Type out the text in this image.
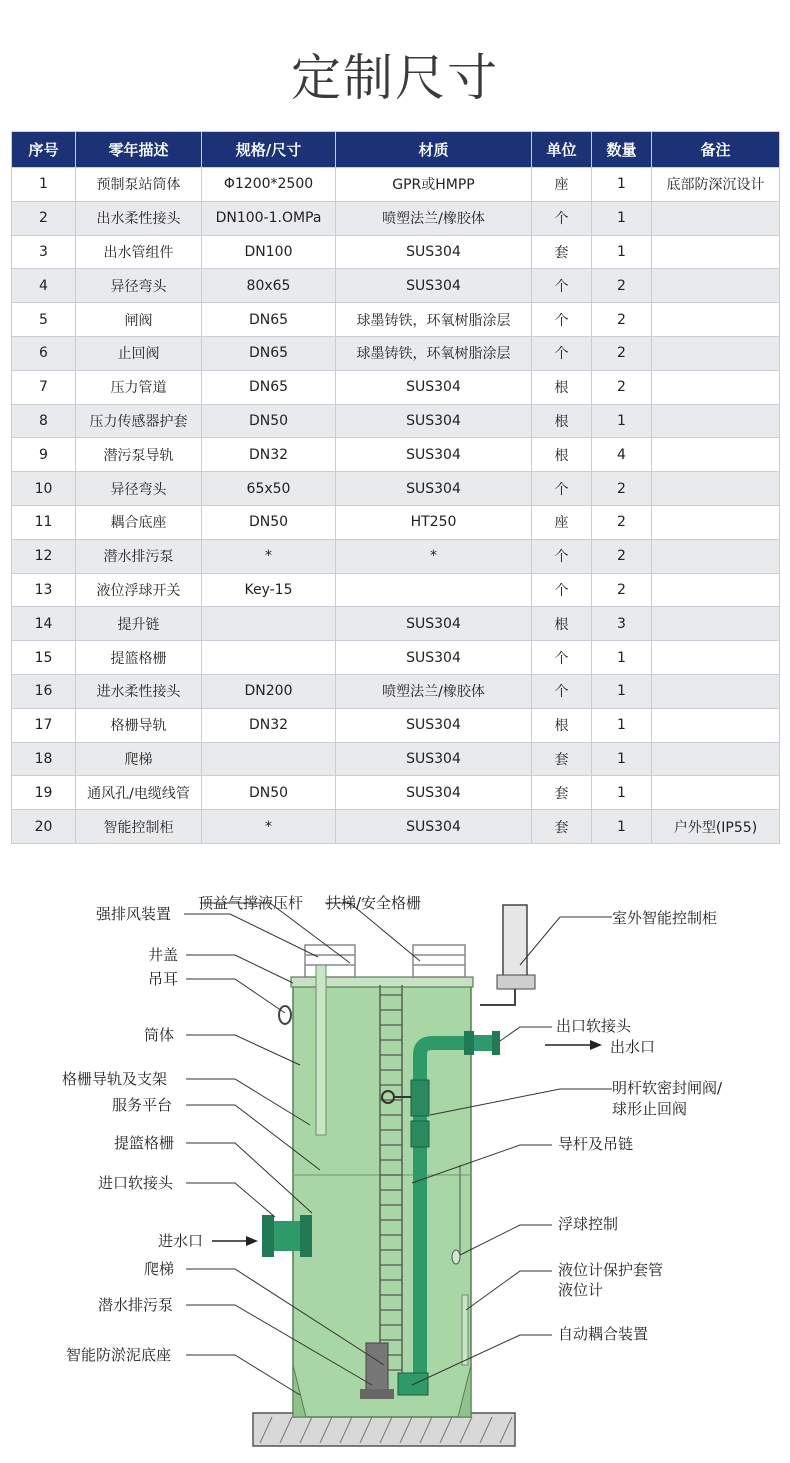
定制尺寸
序号	零年描述	规格/尺寸	材质	单位	数量	备注
1	预制泵站筒体	Φ1200*2500	GPR或HMPP	座	1	底部防深沉设计
2	出水柔性接头	DN100-1.OMPa	喷塑法兰/橡胶体	个	1	
3	出水管组件	DN100	SUS304	套	1	
4	异径弯头	80x65	SUS304	个	2	
5	闸阀	DN65	球墨铸铁，环氧树脂涂层	个	2	
6	止回阀	DN65	球墨铸铁，环氧树脂涂层	个	2	
7	压力管道	DN65	SUS304	根	2	
8	压力传感器护套	DN50	SUS304	根	1	
9	潜污泵导轨	DN32	SUS304	根	4	
10	异径弯头	65x50	SUS304	个	2	
11	耦合底座	DN50	HT250	座	2	
12	潜水排污泵	*	*	个	2	
13	液位浮球开关	Key-15		个	2	
14	提升链		SUS304	根	3	
15	提篮格栅		SUS304	个	1	
16	进水柔性接头	DN200	喷塑法兰/橡胶体	个	1	
17	格栅导轨	DN32	SUS304	根	1	
18	爬梯		SUS304	套	1	
19	通风孔/电缆线管	DN50	SUS304	套	1	
20	智能控制柜	*	SUS304	套	1	户外型(IP55)
强排风装置
顶益气撑液压杆 扶梯/安全格栅
室外智能控制柜
井盖
吊耳
筒体	出口软接头
出水口
格栅导轨及支架
服务平台
明杆软密封闸阀/
球形止回阀
提篮格栅	导杆及吊链
进口软接头
浮球控制
进水口
爬梯	液位计保护套管
液位计
潜水排污泵
自动耦合装置
智能防淤泥底座
